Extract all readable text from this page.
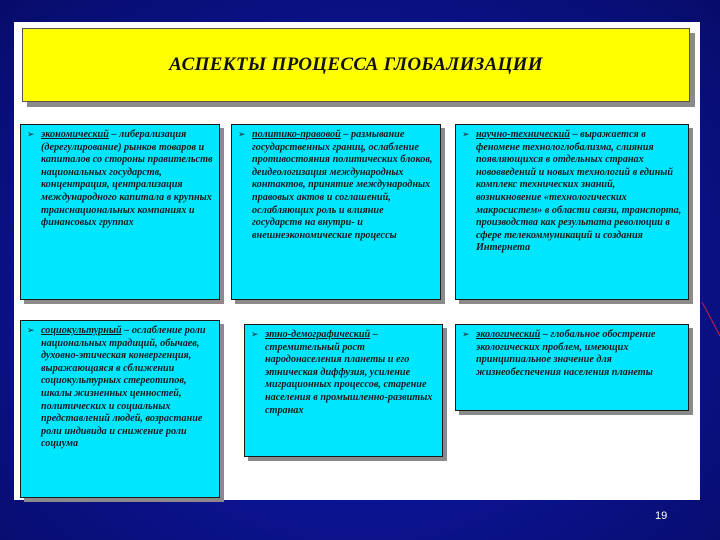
АСПЕКТЫ ПРОЦЕССА ГЛОБАЛИЗАЦИИ
➢ экономический – либерализация (дерегулирование) рынков товаров и капиталов со стороны правительств национальных государств, концентрация, централизация международного капитала в крупных транснациональных компаниях и финансовых группах
➢ политико-правовой – размывание государственных границ, ослабление противостояния политических блоков, деидеологизация международных контактов, принятие международных правовых актов и соглашений, ослабляющих роль и влияние государств на внутри- и внешнеэкономические процессы
➢ научно-технический – выражается в феномене технологлобализма, слияния появляющихся в отдельных странах нововведений и новых технологий в единый комплекс технических знаний, возникновение «технологических макросистем» в области связи, транспорта, производства как результата революции в сфере телекоммуникаций и создания Интернета
➢ социокультурный – ослабление роли национальных традиций, обычаев, духовно-этическая конвергенция, выражающаяся в сближении социокультурных стереотипов, шкалы жизненных ценностей, политических и социальных представлений людей, возрастание роли индивида и снижение роли социума
➢ этно-демографический – стремительный рост народонаселения планеты и его этническая диффузия, усиление миграционных процессов, старение населения в промышленно-развитых странах
➢ экологический – глобальное обострение экологических проблем, имеющих принципиальное значение для жизнеобеспечения населения планеты
19
